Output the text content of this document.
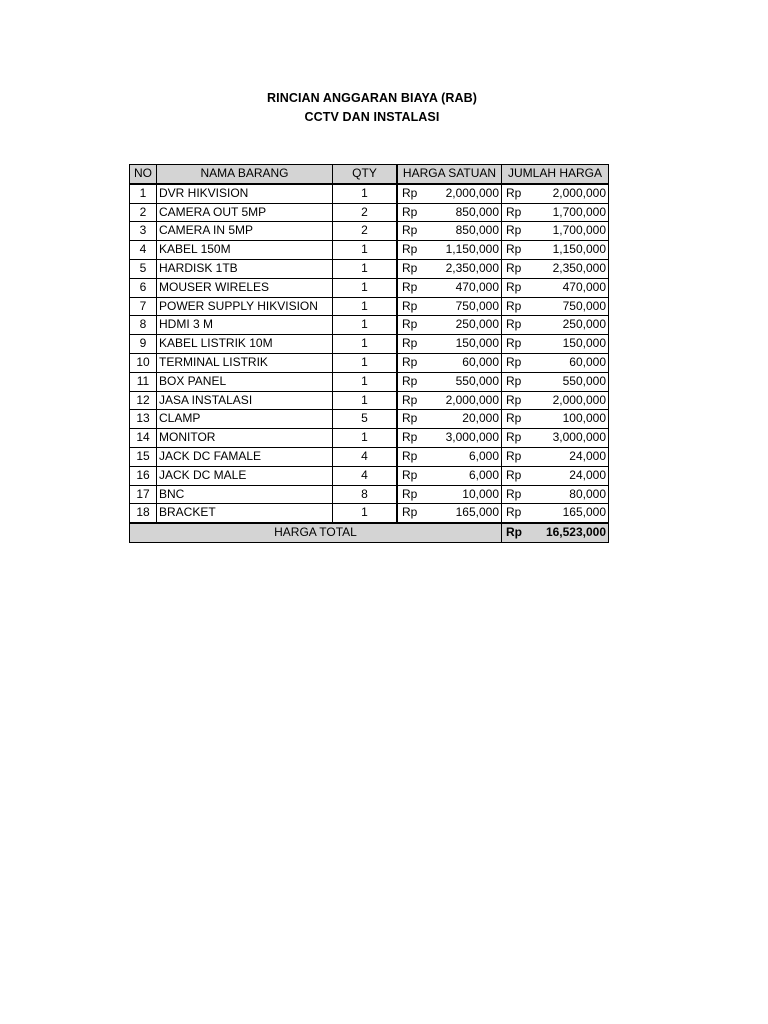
RINCIAN ANGGARAN BIAYA (RAB)
CCTV DAN INSTALASI
NO	NAMA BARANG	QTY	HARGA SATUAN		JUMLAH HARGA	
1	DVR HIKVISION	1	Rp	2,000,000	Rp	2,000,000
2	CAMERA OUT 5MP	2	Rp	850,000	Rp	1,700,000
3	CAMERA IN 5MP	2	Rp	850,000	Rp	1,700,000
4	KABEL 150M	1	Rp	1,150,000	Rp	1,150,000
5	HARDISK 1TB	1	Rp	2,350,000	Rp	2,350,000
6	MOUSER WIRELES	1	Rp	470,000	Rp	470,000
7	POWER SUPPLY HIKVISION	1	Rp	750,000	Rp	750,000
8	HDMI 3 M	1	Rp	250,000	Rp	250,000
9	KABEL LISTRIK 10M	1	Rp	150,000	Rp	150,000
10	TERMINAL LISTRIK	1	Rp	60,000	Rp	60,000
11	BOX PANEL	1	Rp	550,000	Rp	550,000
12	JASA INSTALASI	1	Rp	2,000,000	Rp	2,000,000
13	CLAMP	5	Rp	20,000	Rp	100,000
14	MONITOR	1	Rp	3,000,000	Rp	3,000,000
15	JACK DC FAMALE	4	Rp	6,000	Rp	24,000
16	JACK DC MALE	4	Rp	6,000	Rp	24,000
17	BNC	8	Rp	10,000	Rp	80,000
18	BRACKET	1	Rp	165,000	Rp	165,000
HARGA TOTAL					Rp	16,523,000
